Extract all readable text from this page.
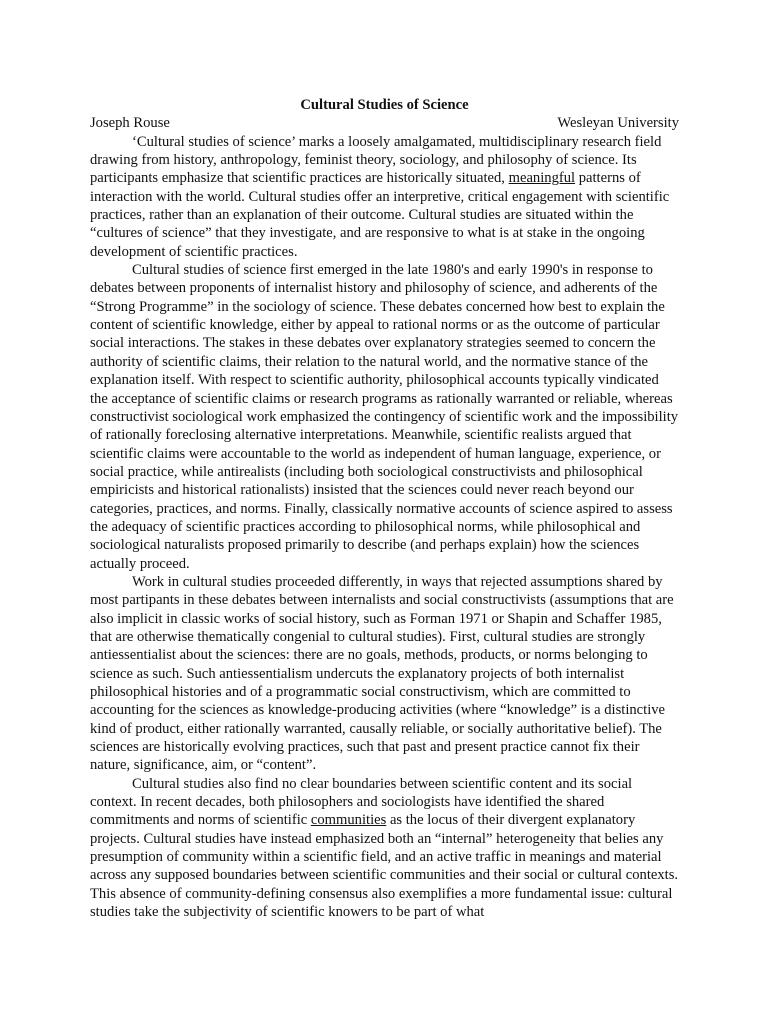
Cultural Studies of Science

Joseph Rouse	Wesleyan University

‘Cultural studies of science’ marks a loosely amalgamated, multidisciplinary research field drawing from history, anthropology, feminist theory, sociology, and philosophy of science. Its participants emphasize that scientific practices are historically situated, meaningful patterns of interaction with the world. Cultural studies offer an interpretive, critical engagement with scientific practices, rather than an explanation of their outcome. Cultural studies are situated within the “cultures of science” that they investigate, and are responsive to what is at stake in the ongoing development of scientific practices.

Cultural studies of science first emerged in the late 1980's and early 1990's in response to debates between proponents of internalist history and philosophy of science, and adherents of the “Strong Programme” in the sociology of science. These debates concerned how best to explain the content of scientific knowledge, either by appeal to rational norms or as the outcome of particular social interactions. The stakes in these debates over explanatory strategies seemed to concern the authority of scientific claims, their relation to the natural world, and the normative stance of the explanation itself. With respect to scientific authority, philosophical accounts typically vindicated the acceptance of scientific claims or research programs as rationally warranted or reliable, whereas constructivist sociological work emphasized the contingency of scientific work and the impossibility of rationally foreclosing alternative interpretations. Meanwhile, scientific realists argued that scientific claims were accountable to the world as independent of human language, experience, or social practice, while antirealists (including both sociological constructivists and philosophical empiricists and historical rationalists) insisted that the sciences could never reach beyond our categories, practices, and norms. Finally, classically normative accounts of science aspired to assess the adequacy of scientific practices according to philosophical norms, while philosophical and sociological naturalists proposed primarily to describe (and perhaps explain) how the sciences actually proceed.

Work in cultural studies proceeded differently, in ways that rejected assumptions shared by most partipants in these debates between internalists and social constructivists (assumptions that are also implicit in classic works of social history, such as Forman 1971 or Shapin and Schaffer 1985, that are otherwise thematically congenial to cultural studies). First, cultural studies are strongly antiessentialist about the sciences: there are no goals, methods, products, or norms belonging to science as such. Such antiessentialism undercuts the explanatory projects of both internalist philosophical histories and of a programmatic social constructivism, which are committed to accounting for the sciences as knowledge-producing activities (where “knowledge” is a distinctive kind of product, either rationally warranted, causally reliable, or socially authoritative belief). The sciences are historically evolving practices, such that past and present practice cannot fix their nature, significance, aim, or “content”.

Cultural studies also find no clear boundaries between scientific content and its social context. In recent decades, both philosophers and sociologists have identified the shared commitments and norms of scientific communities as the locus of their divergent explanatory projects. Cultural studies have instead emphasized both an “internal” heterogeneity that belies any presumption of community within a scientific field, and an active traffic in meanings and material across any supposed boundaries between scientific communities and their social or cultural contexts. This absence of community-defining consensus also exemplifies a more fundamental issue: cultural studies take the subjectivity of scientific knowers to be part of what
